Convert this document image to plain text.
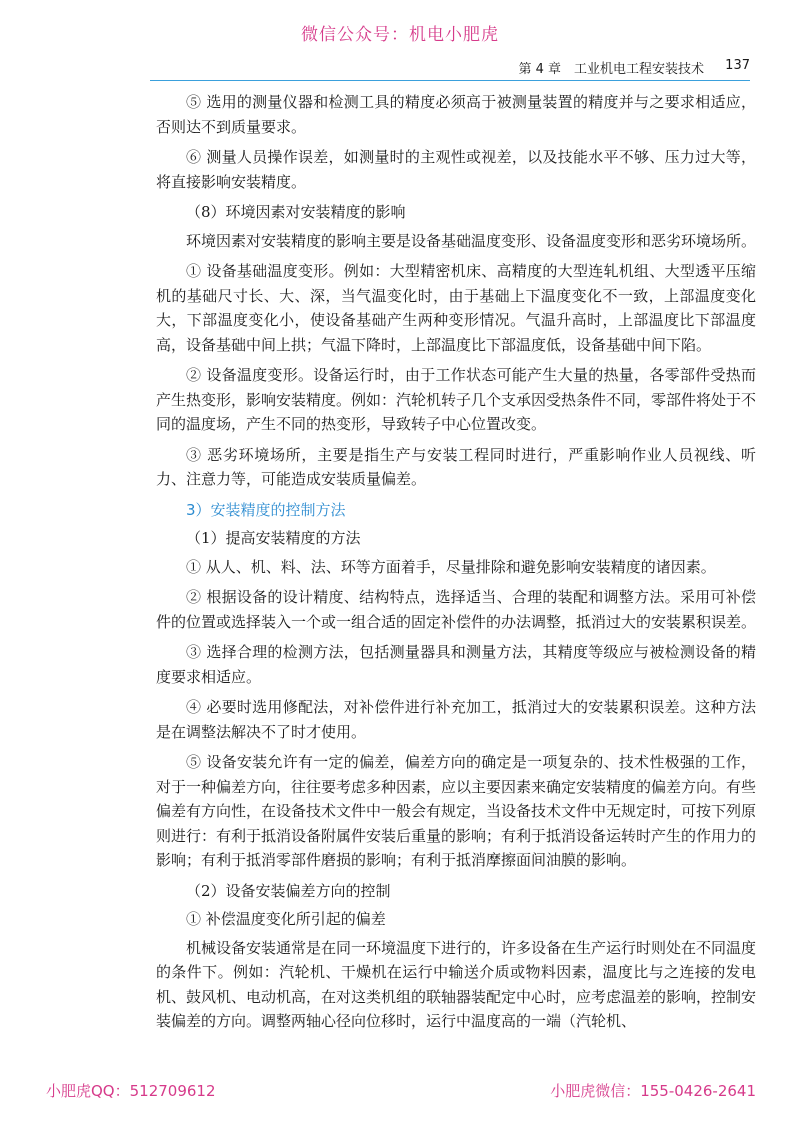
微信公众号：机电小肥虎
第 4 章　工业机电工程安装技术 137

⑤ 选用的测量仪器和检测工具的精度必须高于被测量装置的精度并与之要求相适应，否则达不到质量要求。

⑥ 测量人员操作误差，如测量时的主观性或视差，以及技能水平不够、压力过大等，将直接影响安装精度。

（8）环境因素对安装精度的影响

环境因素对安装精度的影响主要是设备基础温度变形、设备温度变形和恶劣环境场所。

① 设备基础温度变形。例如：大型精密机床、高精度的大型连轧机组、大型透平压缩机的基础尺寸长、大、深，当气温变化时，由于基础上下温度变化不一致，上部温度变化大，下部温度变化小，使设备基础产生两种变形情况。气温升高时，上部温度比下部温度高，设备基础中间上拱；气温下降时，上部温度比下部温度低，设备基础中间下陷。

② 设备温度变形。设备运行时，由于工作状态可能产生大量的热量，各零部件受热而产生热变形，影响安装精度。例如：汽轮机转子几个支承因受热条件不同，零部件将处于不同的温度场，产生不同的热变形，导致转子中心位置改变。

③ 恶劣环境场所，主要是指生产与安装工程同时进行，严重影响作业人员视线、听力、注意力等，可能造成安装质量偏差。

3）安装精度的控制方法

（1）提高安装精度的方法

① 从人、机、料、法、环等方面着手，尽量排除和避免影响安装精度的诸因素。

② 根据设备的设计精度、结构特点，选择适当、合理的装配和调整方法。采用可补偿件的位置或选择装入一个或一组合适的固定补偿件的办法调整，抵消过大的安装累积误差。

③ 选择合理的检测方法，包括测量器具和测量方法，其精度等级应与被检测设备的精度要求相适应。

④ 必要时选用修配法，对补偿件进行补充加工，抵消过大的安装累积误差。这种方法是在调整法解决不了时才使用。

⑤ 设备安装允许有一定的偏差，偏差方向的确定是一项复杂的、技术性极强的工作，对于一种偏差方向，往往要考虑多种因素，应以主要因素来确定安装精度的偏差方向。有些偏差有方向性，在设备技术文件中一般会有规定，当设备技术文件中无规定时，可按下列原则进行：有利于抵消设备附属件安装后重量的影响；有利于抵消设备运转时产生的作用力的影响；有利于抵消零部件磨损的影响；有利于抵消摩擦面间油膜的影响。

（2）设备安装偏差方向的控制

① 补偿温度变化所引起的偏差

机械设备安装通常是在同一环境温度下进行的，许多设备在生产运行时则处在不同温度的条件下。例如：汽轮机、干燥机在运行中输送介质或物料因素，温度比与之连接的发电机、鼓风机、电动机高，在对这类机组的联轴器装配定中心时，应考虑温差的影响，控制安装偏差的方向。调整两轴心径向位移时，运行中温度高的一端（汽轮机、

小肥虎QQ：512709612	小肥虎微信：155-0426-2641
